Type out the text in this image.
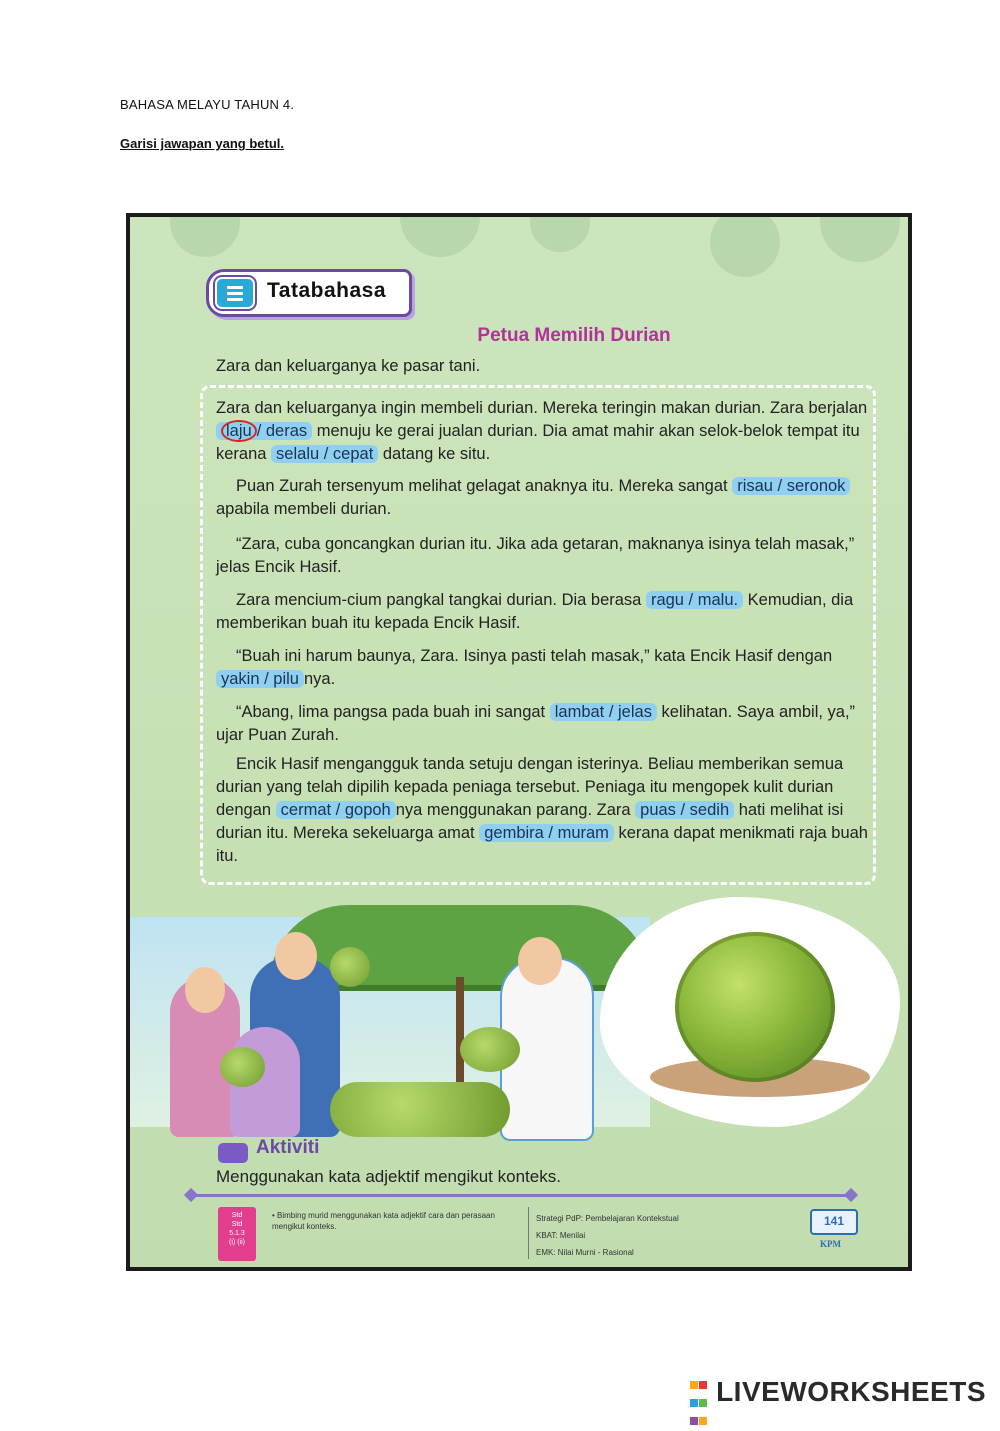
BAHASA MELAYU TAHUN 4.
Garisi jawapan yang betul.
Tatabahasa
Petua Memilih Durian
Zara dan keluarganya ke pasar tani.

Zara dan keluarganya ingin membeli durian. Mereka teringin makan durian. Zara berjalan laju / deras menuju ke gerai jualan durian. Dia amat mahir akan selok-belok tempat itu kerana selalu / cepat datang ke situ.

Puan Zurah tersenyum melihat gelagat anaknya itu. Mereka sangat risau / seronok apabila membeli durian.

“Zara, cuba goncangkan durian itu. Jika ada getaran, maknanya isinya telah masak,” jelas Encik Hasif.

Zara mencium-cium pangkal tangkai durian. Dia berasa ragu / malu. Kemudian, dia memberikan buah itu kepada Encik Hasif.

“Buah ini harum baunya, Zara. Isinya pasti telah masak,” kata Encik Hasif dengan yakin / pilu nya.

“Abang, lima pangsa pada buah ini sangat lambat / jelas kelihatan. Saya ambil, ya,” ujar Puan Zurah.

Encik Hasif mengangguk tanda setuju dengan isterinya. Beliau memberikan semua durian yang telah dipilih kepada peniaga tersebut. Peniaga itu mengopek kulit durian dengan cermat / gopoh nya menggunakan parang. Zara puas / sedih hati melihat isi durian itu. Mereka sekeluarga amat gembira / muram kerana dapat menikmati raja buah itu.

Aktiviti
Menggunakan kata adjektif mengikut konteks.
Std
Std
5.1.3
(i) (ii)
• Bimbing murid menggunakan kata adjektif cara dan perasaan mengikut konteks.
Strategi PdP: Pembelajaran Kontekstual
KBAT: Menilai
EMK: Nilai Murni - Rasional
141
KPM

LIVEWORKSHEETS
